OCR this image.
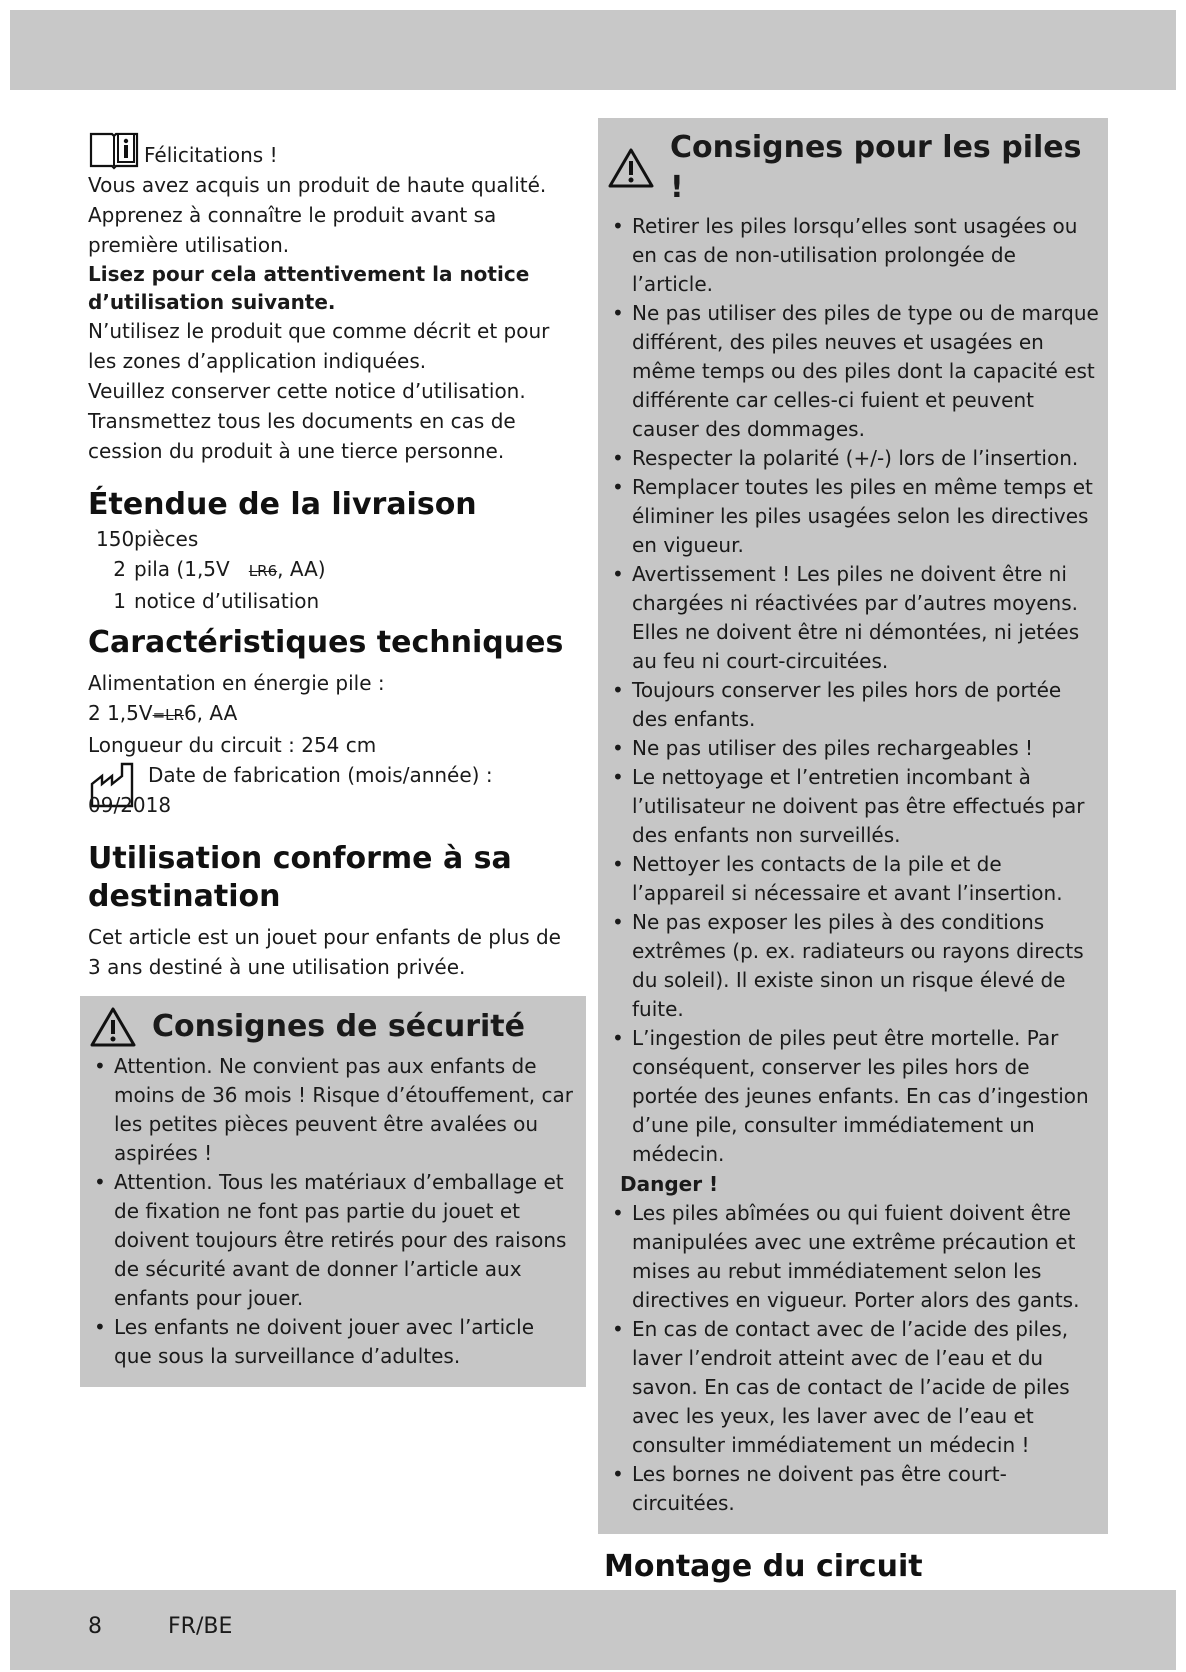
Félicitations !

Vous avez acquis un produit de haute qualité.

Apprenez à connaître le produit avant sa première utilisation.

Lisez pour cela attentivement la notice d’utilisation suivante.

N’utilisez le produit que comme décrit et pour les zones d’application indiquées.

Veuillez conserver cette notice d’utilisation.

Transmettez tous les documents en cas de cession du produit à une tierce personne.

Étendue de la livraison

150pièces

2 pila (1,5V LR6, AA)

1 notice d’utilisation

Caractéristiques techniques

Alimentation en énergie pile :

2 1,5V=LR6, AA

Longueur du circuit : 254 cm

Date de fabrication (mois/année) :

09/2018

Utilisation conforme à sa destination

Cet article est un jouet pour enfants de plus de 3 ans destiné à une utilisation privée.

Consignes de sécurité
• Attention. Ne convient pas aux enfants de moins de 36 mois ! Risque d’étouffement, car les petites pièces peuvent être avalées ou aspirées !
• Attention. Tous les matériaux d’emballage et de fixation ne font pas partie du jouet et doivent toujours être retirés pour des raisons de sécurité avant de donner l’article aux enfants pour jouer.
• Les enfants ne doivent jouer avec l’article que sous la surveillance d’adultes.
Consignes pour les piles !
• Retirer les piles lorsqu’elles sont usagées ou en cas de non-utilisation prolongée de l’article.
• Ne pas utiliser des piles de type ou de marque différent, des piles neuves et usagées en même temps ou des piles dont la capacité est différente car celles-ci fuient et peuvent causer des dommages.
• Respecter la polarité (+/-) lors de l’insertion.
• Remplacer toutes les piles en même temps et éliminer les piles usagées selon les directives en vigueur.
• Avertissement ! Les piles ne doivent être ni chargées ni réactivées par d’autres moyens. Elles ne doivent être ni démontées, ni jetées au feu ni court-circuitées.
• Toujours conserver les piles hors de portée des enfants.
• Ne pas utiliser des piles rechargeables !
• Le nettoyage et l’entretien incombant à l’utilisateur ne doivent pas être effectués par des enfants non surveillés.
• Nettoyer les contacts de la pile et de l’appareil si nécessaire et avant l’insertion.
• Ne pas exposer les piles à des conditions extrêmes (p. ex. radiateurs ou rayons directs du soleil). Il existe sinon un risque élevé de fuite.
• L’ingestion de piles peut être mortelle. Par conséquent, conserver les piles hors de portée des jeunes enfants. En cas d’ingestion d’une pile, consulter immédiatement un médecin.
Danger !
• Les piles abîmées ou qui fuient doivent être manipulées avec une extrême précaution et mises au rebut immédiatement selon les directives en vigueur. Porter alors des gants.
• En cas de contact avec de l’acide des piles, laver l’endroit atteint avec de l’eau et du savon. En cas de contact de l’acide de piles avec les yeux, les laver avec de l’eau et consulter immédiatement un médecin !
• Les bornes ne doivent pas être court-circuitées.
Montage du circuit

8	FR/BE
